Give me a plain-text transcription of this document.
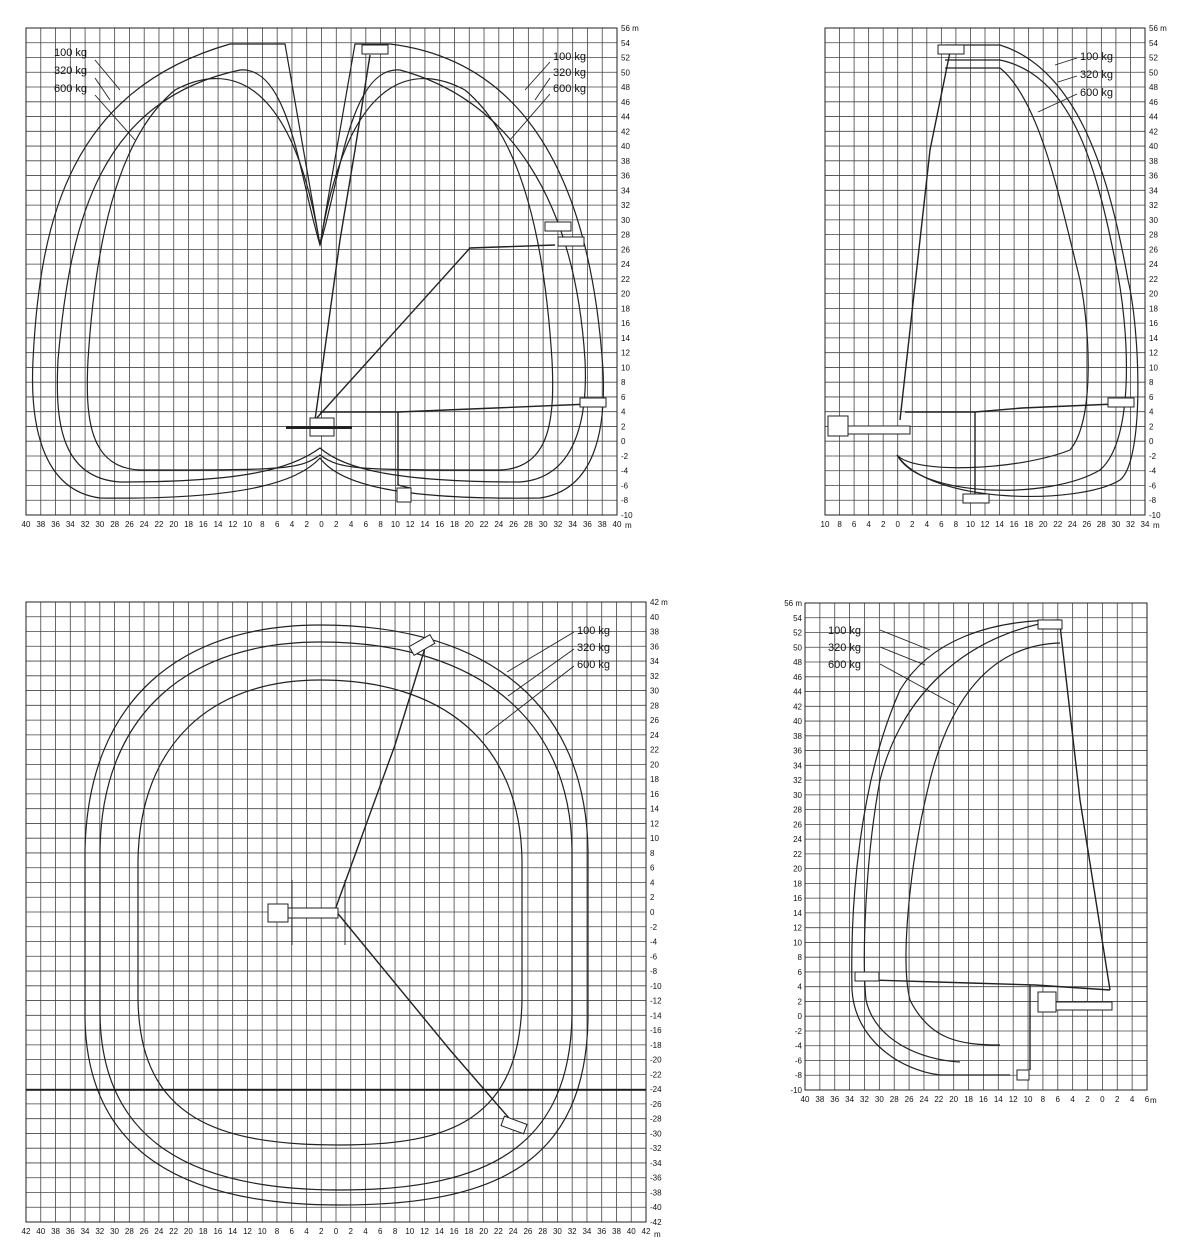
40 38 36 34 32 30 28 26 24 22 20 18 16 14 12 10 8 6 4 2 0 2 4 6 8 10 12 14 16 18 20 22 24 26 28 30 32 34 36 38 40
56 m
54
52
50
48
46
44
42
40
38
36
34
32
30
28
26
24
22
20
18
16
14
12
10
8
6
4
2
0
-2
-4
-6
-8
-10
m
100 kg
320 kg
600 kg
100 kg
320 kg
600 kg
10 8 6 4 2 0 2 4 6 8 10 12 14 16 18 20 22 24 26 28 30 32 34
56 m
54
52
50
48
46
44
42
40
38
36
34
32
30
28
26
24
22
20
18
16
14
12
10
8
6
4
2
0
-2
-4
-6
-8
-10
m
100 kg
320 kg
600 kg
42 40 38 36 34 32 30 28 26 24 22 20 18 16 14 12 10 8 6 4 2 0 2 4 6 8 10 12 14 16 18 20 22 24 26 28 30 32 34 36 38 40 42
42 m
40
38
36
34
32
30
28
26
24
22
20
18
16
14
12
10
8
6
4
2
0
-2
-4
-6
-8
-10
-12
-14
-16
-18
-20
-22
-24
-26
-28
-30
-32
-34
-36
-38
-40
-42
m
100 kg
320 kg
600 kg
40 38 36 34 32 30 28 26 24 22 20 18 16 14 12 10 8 6 4 2 0 2 4 6
56 m
54
52
50
48
46
44
42
40
38
36
34
32
30
28
26
24
22
20
18
16
14
12
10
8
6
4
2
0
-2
-4
-6
-8
-10
m
100 kg
320 kg
600 kg
